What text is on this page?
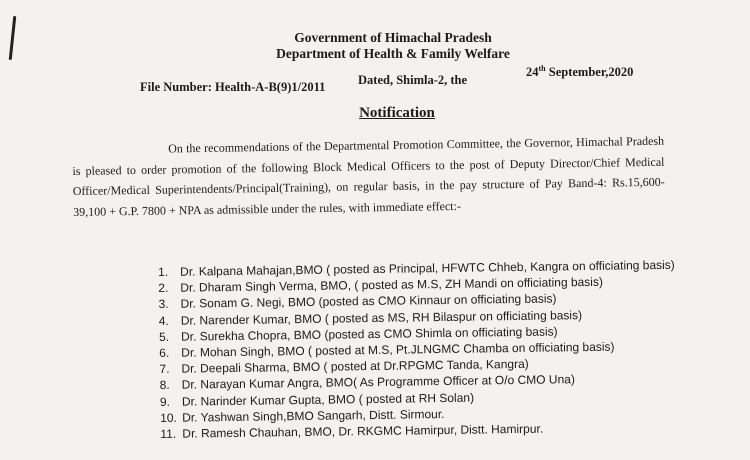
Government of Himachal Pradesh
Department of Health & Family Welfare
File Number: Health-A-B(9)1/2011	Dated, Shimla-2, the
24th September,2020
Notification
On the recommendations of the Departmental Promotion Committee, the Governor, Himachal Pradesh is pleased to order promotion of the following Block Medical Officers to the post of Deputy Director/Chief Medical Officer/Medical Superintendents/Principal(Training), on regular basis, in the pay structure of Pay Band-4: Rs.15,600-39,100 + G.P. 7800 + NPA as admissible under the rules, with immediate effect:-
1. Dr. Kalpana Mahajan,BMO ( posted as Principal, HFWTC Chheb, Kangra on officiating basis)
2. Dr. Dharam Singh Verma, BMO, ( posted as M.S, ZH Mandi on officiating basis)
3. Dr. Sonam G. Negi, BMO (posted as CMO Kinnaur on officiating basis)
4. Dr. Narender Kumar, BMO ( posted as MS, RH Bilaspur on officiating basis)
5. Dr. Surekha Chopra, BMO (posted as CMO Shimla on officiating basis)
6. Dr. Mohan Singh, BMO ( posted at M.S, Pt.JLNGMC Chamba on officiating basis)
7. Dr. Deepali Sharma, BMO ( posted at Dr.RPGMC Tanda, Kangra)
8. Dr. Narayan Kumar Angra, BMO( As Programme Officer at O/o CMO Una)
9. Dr. Narinder Kumar Gupta, BMO ( posted at RH Solan)
10. Dr. Yashwan Singh,BMO Sangarh, Distt. Sirmour.
11. Dr. Ramesh Chauhan, BMO, Dr. RKGMC Hamirpur, Distt. Hamirpur.
